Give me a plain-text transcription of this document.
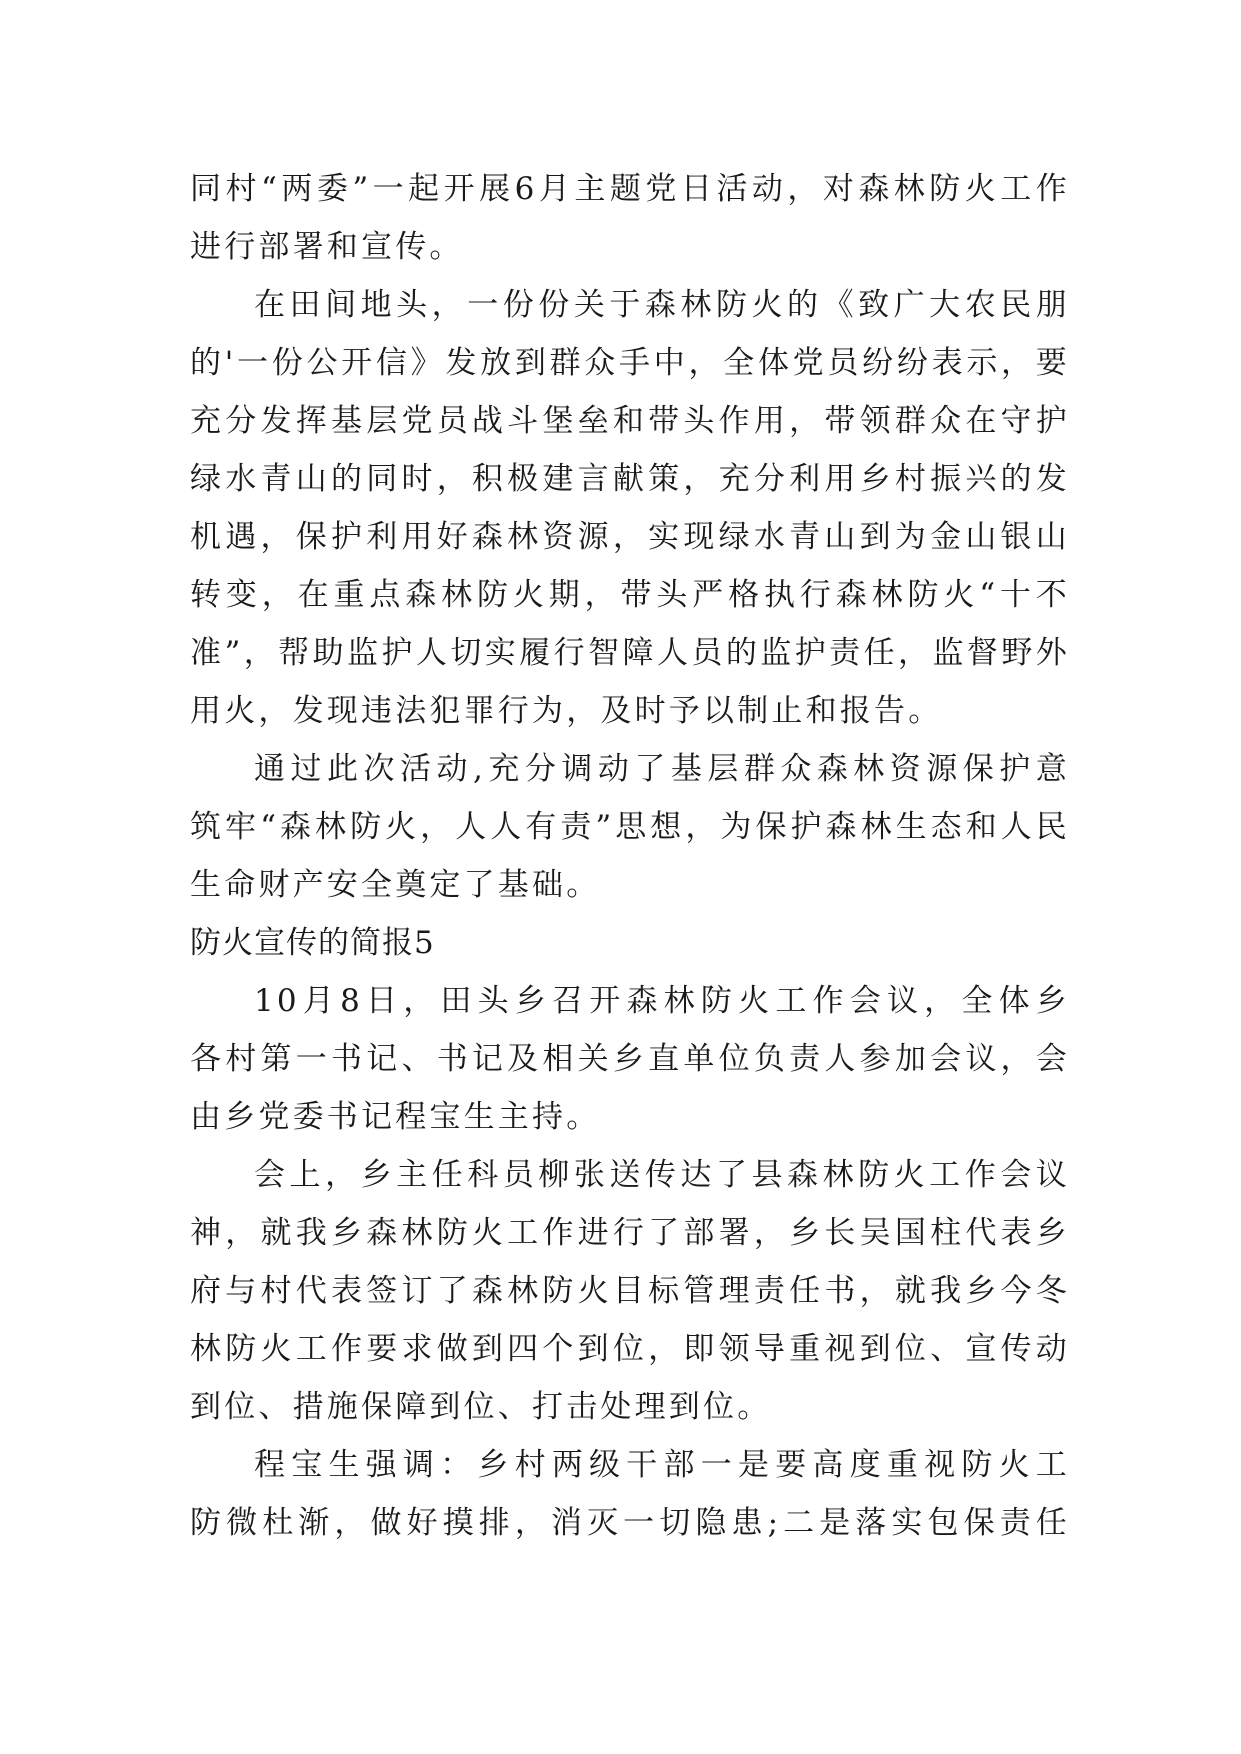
同村“两委”一起开展6月主题党日活动，对森林防火工作
进行部署和宣传。
在田间地头，一份份关于森林防火的《致广大农民朋
的'一份公开信》发放到群众手中，全体党员纷纷表示，要
充分发挥基层党员战斗堡垒和带头作用，带领群众在守护
绿水青山的同时，积极建言献策，充分利用乡村振兴的发
机遇，保护利用好森林资源，实现绿水青山到为金山银山
转变，在重点森林防火期，带头严格执行森林防火“十不
准”，帮助监护人切实履行智障人员的监护责任，监督野外
用火，发现违法犯罪行为，及时予以制止和报告。
通过此次活动,充分调动了基层群众森林资源保护意
筑牢“森林防火，人人有责”思想，为保护森林生态和人民
生命财产安全奠定了基础。
防火宣传的简报5
10月8日，田头乡召开森林防火工作会议，全体乡
各村第一书记、书记及相关乡直单位负责人参加会议，会
由乡党委书记程宝生主持。
会上，乡主任科员柳张送传达了县森林防火工作会议
神，就我乡森林防火工作进行了部署，乡长吴国柱代表乡
府与村代表签订了森林防火目标管理责任书，就我乡今冬
林防火工作要求做到四个到位，即领导重视到位、宣传动
到位、措施保障到位、打击处理到位。
程宝生强调：乡村两级干部一是要高度重视防火工
防微杜渐，做好摸排，消灭一切隐患;二是落实包保责任
